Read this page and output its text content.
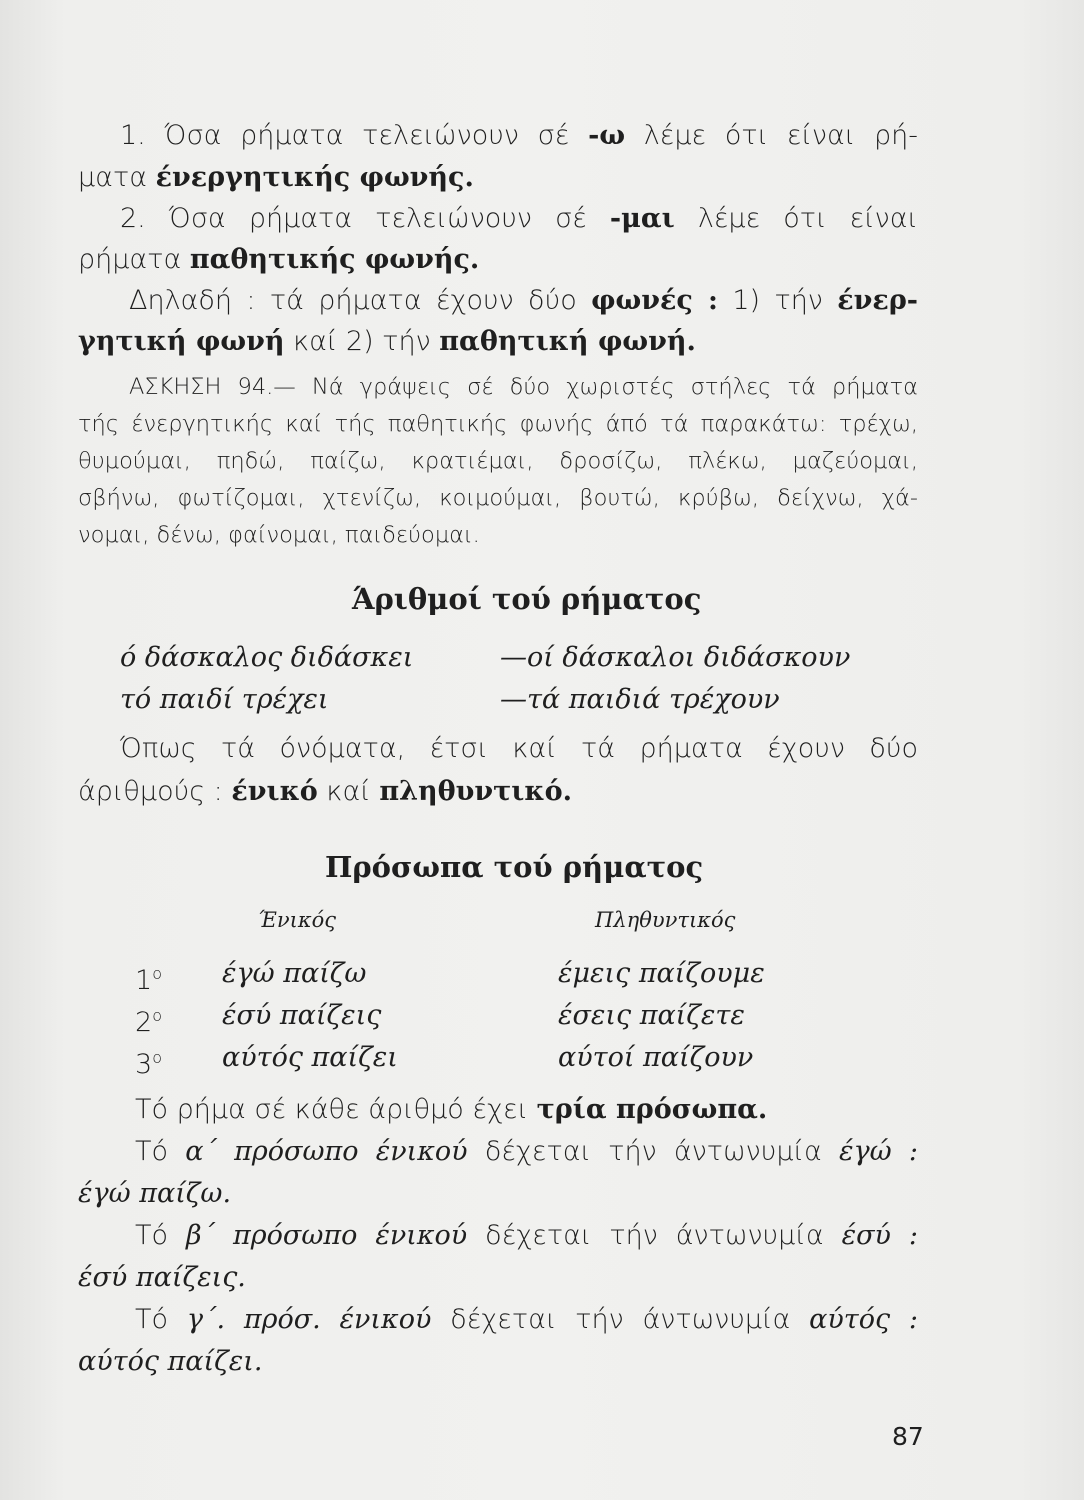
1. Όσα ρήματα τελειώνουν σέ -ω λέμε ότι είναι ρή-
ματα ένεργητικής φωνής.
2. Όσα ρήματα τελειώνουν σέ -μαι λέμε ότι είναι
ρήματα παθητικής φωνής.
Δηλαδή : τά ρήματα έχουν δύο φωνές : 1) τήν ένερ-
γητική φωνή καί 2) τήν παθητική φωνή.
ΑΣΚΗΣΗ 94.— Νά γράψεις σέ δύο χωριστές στήλες τά ρήματα
τής ένεργητικής καί τής παθητικής φωνής άπό τά παρακάτω: τρέχω,
θυμούμαι, πηδώ, παίζω, κρατιέμαι, δροσίζω, πλέκω, μαζεύομαι,
σβήνω, φωτίζομαι, χτενίζω, κοιμούμαι, βουτώ, κρύβω, δείχνω, χά-
νομαι, δένω, φαίνομαι, παιδεύομαι.
Άριθμοί τού ρήματος
ό δάσκαλος διδάσκει	—οί δάσκαλοι διδάσκουν
τό παιδί τρέχει	—τά παιδιά τρέχουν
Όπως τά όνόματα, έτσι καί τά ρήματα έχουν δύο
άριθμούς : ένικό καί πληθυντικό.
Πρόσωπα τού ρήματος
Ένικός	Πληθυντικός
$1^o$ έγώ παίζω	έμεις παίζουμε
$2^o$ έσύ παίζεις	έσεις παίζετε
$3^o$ αύτός παίζει	αύτοί παίζουν
Τό ρήμα σέ κάθε άριθμό έχει τρία πρόσωπα.
Τό α΄ πρόσωπο ένικού δέχεται τήν άντωνυμία έγώ :
έγώ παίζω.
Τό β΄ πρόσωπο ένικού δέχεται τήν άντωνυμία έσύ :
έσύ παίζεις.
Τό γ΄. πρόσ. ένικού δέχεται τήν άντωνυμία αύτός :
αύτός παίζει.
87
